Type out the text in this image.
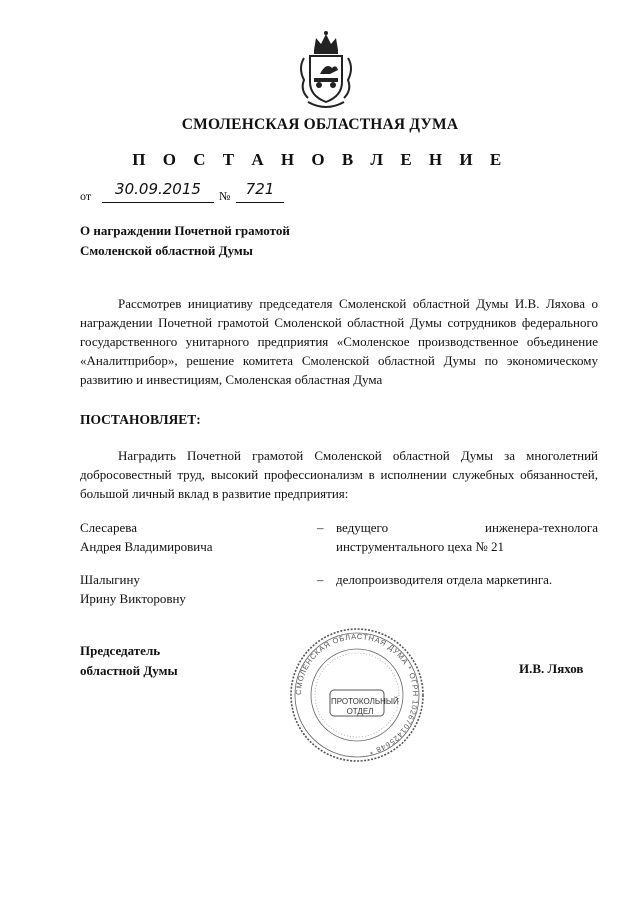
СМОЛЕНСКАЯ ОБЛАСТНАЯ ДУМА
П О С Т А Н О В Л Е Н И Е
от	30.09.2015	№	721
О награждении Почетной грамотой
Смоленской областной Думы
Рассмотрев инициативу председателя Смоленской областной Думы И.В. Ляхова о награждении Почетной грамотой Смоленской областной Думы сотрудников федерального государственного унитарного предприятия «Смоленское производственное объединение «Аналитприбор», решение комитета Смоленской областной Думы по экономическому развитию и инвестициям, Смоленская областная Дума
ПОСТАНОВЛЯЕТ:
Наградить Почетной грамотой Смоленской областной Думы за многолетний добросовестный труд, высокий профессионализм в исполнении служебных обязанностей, большой личный вклад в развитие предприятия:
Слесарева
Андрея Владимировича
– ведущего инженера-технолога инструментального цеха № 21
Шалыгину
Ирину Викторовну
– делопроизводителя отдела маркетинга.
Председатель
областной Думы	И.В. Ляхов
СМОЛЕНСКАЯ ОБЛАСТНАЯ ДУМА * ОГРН 1026701425648 *
ПРОТОКОЛЬНЫЙ
ОТДЕЛ
